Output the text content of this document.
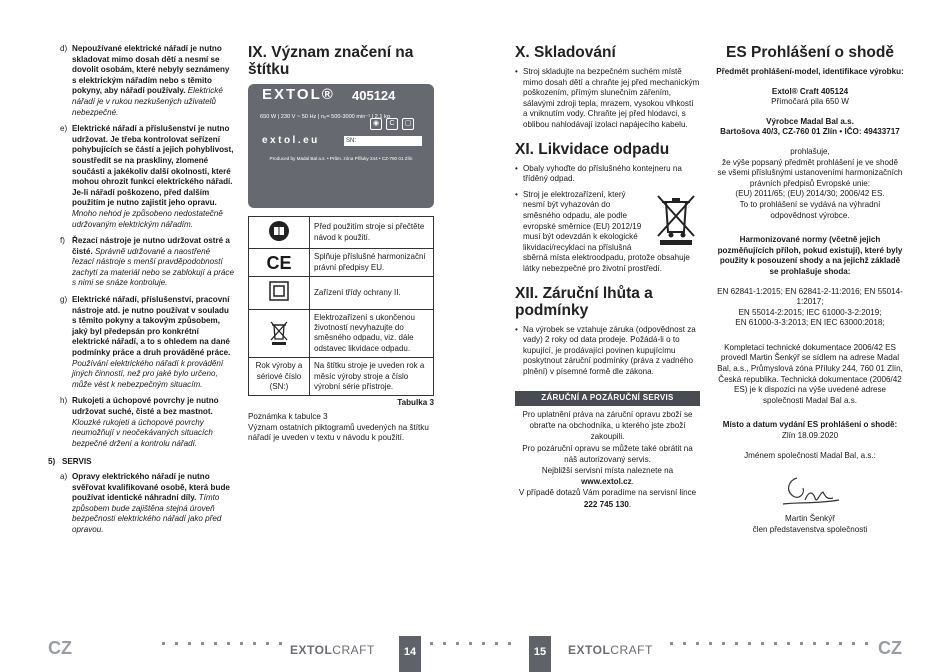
d) Nepoužívané elektrické nářadí je nutno skladovat mimo dosah dětí a nesmí se dovolit osobám, které nebyly seznámeny s elektrickým nářadím nebo s těmito pokyny, aby nářadí používaly. Elektrické nářadí je v rukou nezkušených uživatelů nebezpečné.
e) Elektrické nářadí a příslušenství je nutno udržovat. Je třeba kontrolovat seřízení pohybujících se částí a jejich pohyblivost, soustředit se na praskliny, zlomené součásti a jakékoliv další okolnosti, které mohou ohrozit funkci elektrického nářadí. Je-li nářadí poškozeno, před dalším použitím je nutno zajistit jeho opravu. Mnoho nehod je způsobeno nedostatečně udržovaným elektrickým nářadím.
f) Řezací nástroje je nutno udržovat ostré a čisté. Správně udržované a naostřené řezací nástroje s menší pravděpodobností zachytí za materiál nebo se zablokují a práce s nimi se snáze kontroluje.
g) Elektrické nářadí, příslušenství, pracovní nástroje atd. je nutno používat v souladu s těmito pokyny a takovým způsobem, jaký byl předepsán pro konkrétní elektrické nářadí, a to s ohledem na dané podmínky práce a druh prováděné práce. Používání elektrického nářadí k provádění jiných činností, než pro jaké bylo určeno, může vést k nebezpečným situacím.
h) Rukojeti a úchopové povrchy je nutno udržovat suché, čisté a bez mastnot. Klouzké rukojeti a úchopové povrchy neumožňují v neočekávaných situacích bezpečné držení a kontrolu nářadí.
5) SERVIS
a) Opravy elektrického nářadí je nutno svěřovat kvalifikované osobě, která bude používat identické náhradní díly. Tímto způsobem bude zajištěna stejná úroveň bezpečnosti elektrického nářadí jako před opravou.
IX. Význam značení na štítku
EXTOL® 405124
650 W | 230 V ~ 50 Hz | n₀= 500-3000 min⁻¹ | 2,1 kg
◉	C	▢
extol.eu	SN:
Produced by Madal Bal a.s. • Prům. zóna Příluky 244 • CZ-760 01 Zlín
	Před použitím stroje si přečtěte návod k použití.
CE	Splňuje příslušné harmonizační právní předpisy EU.
	Zařízení třídy ochrany II.
	Elektrozařízení s ukončenou životností nevyhazujte do směsného odpadu, viz. dále odstavec likvidace odpadu.
Rok výroby a sériové číslo (SN:)	Na štítku stroje je uveden rok a měsíc výroby stroje a číslo výrobní série přístroje.
Tabulka 3
Poznámka k tabulce 3
Význam ostatních piktogramů uvedených na štítku nářadí je uveden v textu v návodu k použití.
X. Skladování
• Stroj skladujte na bezpečném suchém místě mimo dosah dětí a chraňte jej před mechanickým poškozením, přímým slunečním zářením, sálavými zdroji tepla, mrazem, vysokou vlhkostí a vniknutím vody. Chraňte jej před hlodavci, s oblibou nahlodávají izolaci napájecího kabelu.
XI. Likvidace odpadu
• Obaly vyhoďte do příslušného kontejneru na tříděný odpad.
• Stroj je elektrozařízení, který nesmí být vyhazován do směsného odpadu, ale podle evropské směrnice (EU) 2012/19 musí být odevzdán k ekologické likvidaci/recyklaci na příslušná sběrná místa elektroodpadu, protože obsahuje látky nebezpečné pro životní prostředí.
XII. Záruční lhůta a podmínky
• Na výrobek se vztahuje záruka (odpovědnost za vady) 2 roky od data prodeje. Požádá-li o to kupující, je prodávající povinen kupujícímu poskytnout záruční podmínky (práva z vadného plnění) v písemné formě dle zákona.
ZÁRUČNÍ A POZÁRUČNÍ SERVIS
Pro uplatnění práva na záruční opravu zboží se obraťte na obchodníka, u kterého jste zboží zakoupili.
Pro pozáruční opravu se můžete také obrátit na náš autorizovaný servis.
Nejbližší servisní místa naleznete na www.extol.cz.
V případě dotazů Vám poradíme na servisní lince 222 745 130.
ES Prohlášení o shodě

Předmět prohlášení-model, identifikace výrobku:

Extol® Craft 405124

Přímočará pila 650 W

Výrobce Madal Bal a.s.
Bartošova 40/3, CZ-760 01 Zlín • IČO: 49433717

prohlašuje,
že výše popsaný předmět prohlášení je ve shodě
se všemi příslušnými ustanoveními harmonizačních
právních předpisů Evropské unie:
(EU) 2011/65; (EU) 2014/30; 2006/42 ES.
To to prohlášení se vydává na výhradní odpovědnost výrobce.

Harmonizované normy (včetně jejich pozměňujících příloh, pokud existují), které byly použity k posouzení shody a na jejichž základě se prohlašuje shoda:

EN 62841-1:2015; EN 62841-2-11:2016; EN 55014-1:2017;
EN 55014-2:2015; IEC 61000-3-2:2019;
EN 61000-3-3:2013; EN IEC 63000:2018;

Kompletaci technické dokumentace 2006/42 ES provedl Martin Šenkýř se sídlem na adrese Madal Bal, a.s., Průmyslová zóna Příluky 244, 760 01 Zlín, Česká republika. Technická dokumentace (2006/42 ES) je k dispozici na výše uvedené adrese společnosti Madal Bal a.s.

Místo a datum vydání ES prohlášení o shodě:

Zlín 18.09.2020

Jménem společnosti Madal Bal, a.s.:

Martin Šenkýř

člen představenstva společnosti

CZ	CZ
EXTOLCRAFT	EXTOLCRAFT
14	15
